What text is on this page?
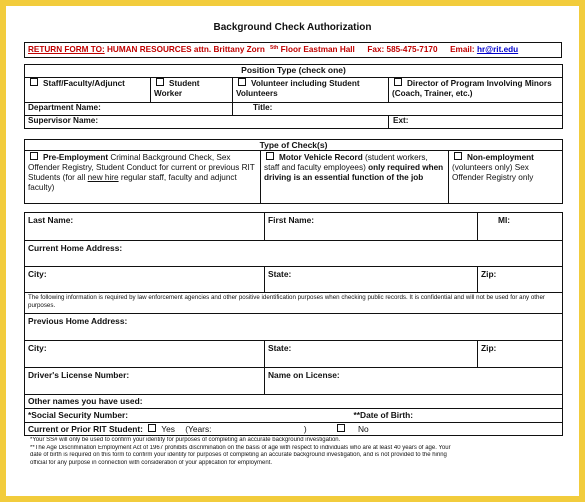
Background Check Authorization
RETURN FORM TO: HUMAN RESOURCES attn. Brittany Zorn $^{5th}$ Floor Eastman Hall Fax: 585-475-7170 Email: hr@rit.edu
Position Type (check one)			
Staff/Faculty/Adjunct	Student Worker	Volunteer including Student Volunteers	Director of Program Involving Minors (Coach, Trainer, etc.)
Department Name:		Title:	
Supervisor Name:			Ext:
Type of Check(s)
Pre-Employment Criminal Background Check, Sex Offender Registry, Student Conduct for current or previous RIT Students (for all new hire regular staff, faculty and adjunct faculty)	Motor Vehicle Record (student workers, staff and faculty employees) only required when driving is an essential function of the job	Non-employment (volunteers only) Sex Offender Registry only
Last Name:	First Name:	MI:
Current Home Address:		
City:	State:	Zip:
The following information is required by law enforcement agencies and other positive identification purposes when checking public records. It is confidential and will not be used for any other purposes.		
Previous Home Address:		
City:	State:	Zip:
Driver's License Number:	Name on License:	
Other names you have used:		
*Social Security Number:		**Date of Birth:

Current or Prior RIT Student: Yes (Years: ) No		
*Your SS# will only be used to confirm your identity for purposes of completing an accurate background investigation.
**The Age Discrimination Employment Act of 1967 prohibits discrimination on the basis of age with respect to individuals who are at least 40 years of age. Your
date of birth is required on this form to confirm your identity for purposes of completing an accurate background investigation, and is not provided to the hiring
official for any purpose in connection with consideration of your application for employment.
